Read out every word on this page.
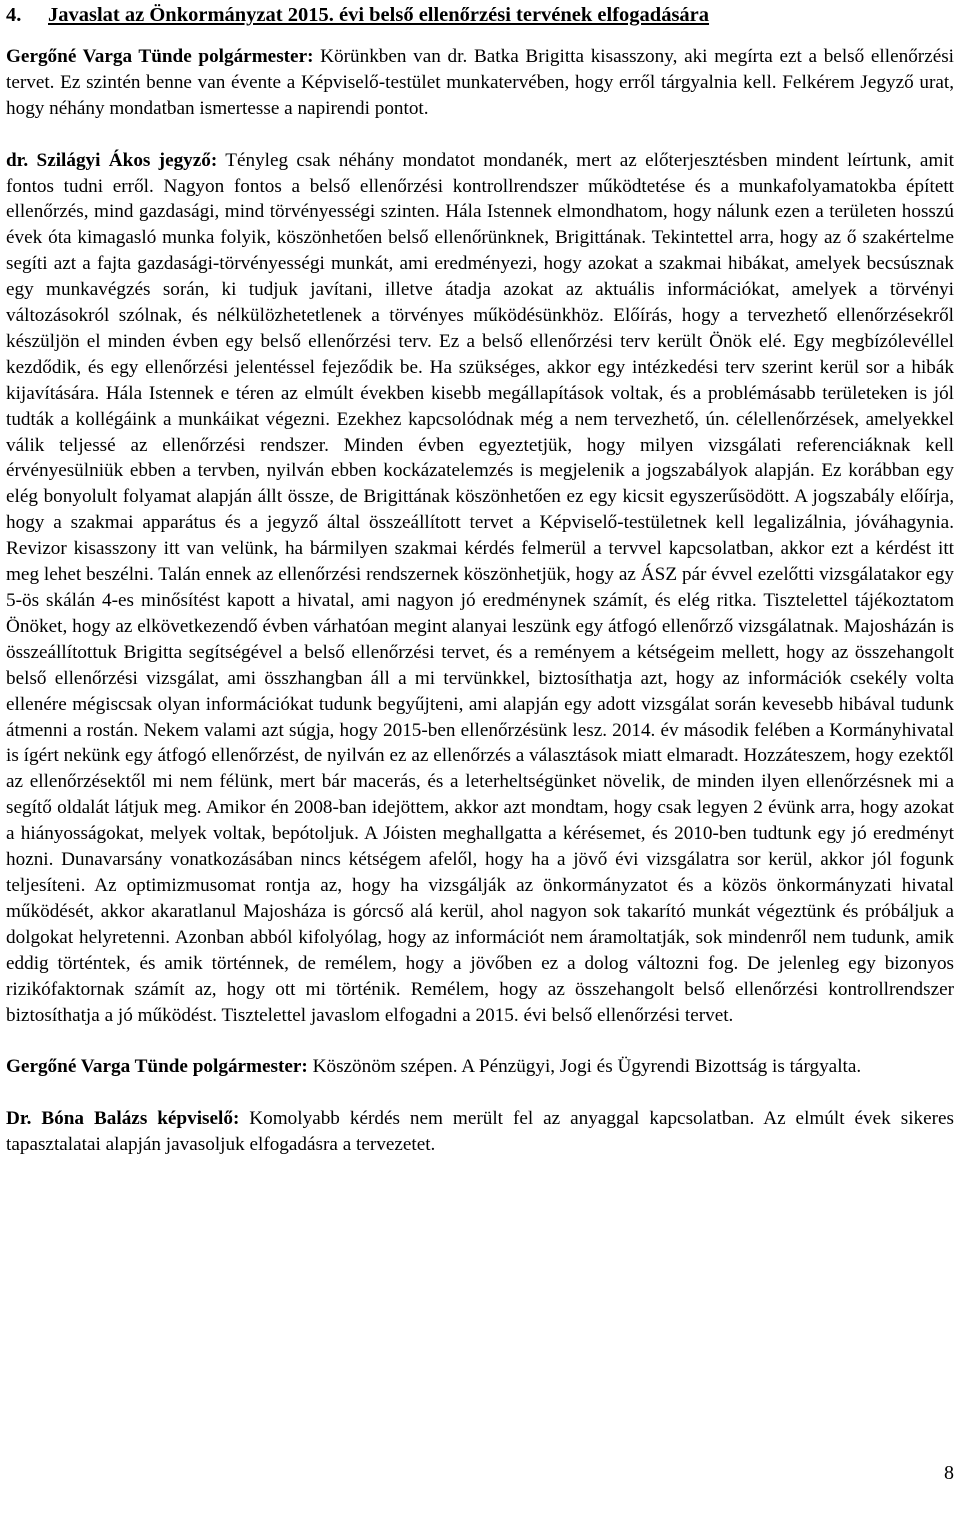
4. Javaslat az Önkormányzat 2015. évi belső ellenőrzési tervének elfogadására

Gergőné Varga Tünde polgármester: Körünkben van dr. Batka Brigitta kisasszony, aki megírta ezt a belső ellenőrzési tervet. Ez szintén benne van évente a Képviselő-testület munkatervében, hogy erről tárgyalnia kell. Felkérem Jegyző urat, hogy néhány mondatban ismertesse a napirendi pontot.

dr. Szilágyi Ákos jegyző: Tényleg csak néhány mondatot mondanék, mert az előterjesztésben mindent leírtunk, amit fontos tudni erről. Nagyon fontos a belső ellenőrzési kontrollrendszer működtetése és a munkafolyamatokba épített ellenőrzés, mind gazdasági, mind törvényességi szinten. Hála Istennek elmondhatom, hogy nálunk ezen a területen hosszú évek óta kimagasló munka folyik, köszönhetően belső ellenőrünknek, Brigittának. Tekintettel arra, hogy az ő szakértelme segíti azt a fajta gazdasági-törvényességi munkát, ami eredményezi, hogy azokat a szakmai hibákat, amelyek becsúsznak egy munkavégzés során, ki tudjuk javítani, illetve átadja azokat az aktuális információkat, amelyek a törvényi változásokról szólnak, és nélkülözhetetlenek a törvényes működésünkhöz. Előírás, hogy a tervezhető ellenőrzésekről készüljön el minden évben egy belső ellenőrzési terv. Ez a belső ellenőrzési terv került Önök elé. Egy megbízólevéllel kezdődik, és egy ellenőrzési jelentéssel fejeződik be. Ha szükséges, akkor egy intézkedési terv szerint kerül sor a hibák kijavítására. Hála Istennek e téren az elmúlt években kisebb megállapítások voltak, és a problémásabb területeken is jól tudták a kollégáink a munkáikat végezni. Ezekhez kapcsolódnak még a nem tervezhető, ún. célellenőrzések, amelyekkel válik teljessé az ellenőrzési rendszer. Minden évben egyeztetjük, hogy milyen vizsgálati referenciáknak kell érvényesülniük ebben a tervben, nyilván ebben kockázatelemzés is megjelenik a jogszabályok alapján. Ez korábban egy elég bonyolult folyamat alapján állt össze, de Brigittának köszönhetően ez egy kicsit egyszerűsödött. A jogszabály előírja, hogy a szakmai apparátus és a jegyző által összeállított tervet a Képviselő-testületnek kell legalizálnia, jóváhagynia. Revizor kisasszony itt van velünk, ha bármilyen szakmai kérdés felmerül a tervvel kapcsolatban, akkor ezt a kérdést itt meg lehet beszélni. Talán ennek az ellenőrzési rendszernek köszönhetjük, hogy az ÁSZ pár évvel ezelőtti vizsgálatakor egy 5-ös skálán 4-es minősítést kapott a hivatal, ami nagyon jó eredménynek számít, és elég ritka. Tisztelettel tájékoztatom Önöket, hogy az elkövetkezendő évben várhatóan megint alanyai leszünk egy átfogó ellenőrző vizsgálatnak. Majosházán is összeállítottuk Brigitta segítségével a belső ellenőrzési tervet, és a reményem a kétségeim mellett, hogy az összehangolt belső ellenőrzési vizsgálat, ami összhangban áll a mi tervünkkel, biztosíthatja azt, hogy az információk csekély volta ellenére mégiscsak olyan információkat tudunk begyűjteni, ami alapján egy adott vizsgálat során kevesebb hibával tudunk átmenni a rostán. Nekem valami azt súgja, hogy 2015-ben ellenőrzésünk lesz. 2014. év második felében a Kormányhivatal is ígért nekünk egy átfogó ellenőrzést, de nyilván ez az ellenőrzés a választások miatt elmaradt. Hozzáteszem, hogy ezektől az ellenőrzésektől mi nem félünk, mert bár macerás, és a leterheltségünket növelik, de minden ilyen ellenőrzésnek mi a segítő oldalát látjuk meg. Amikor én 2008-ban idejöttem, akkor azt mondtam, hogy csak legyen 2 évünk arra, hogy azokat a hiányosságokat, melyek voltak, bepótoljuk. A Jóisten meghallgatta a kérésemet, és 2010-ben tudtunk egy jó eredményt hozni. Dunavarsány vonatkozásában nincs kétségem afelől, hogy ha a jövő évi vizsgálatra sor kerül, akkor jól fogunk teljesíteni. Az optimizmusomat rontja az, hogy ha vizsgálják az önkormányzatot és a közös önkormányzati hivatal működését, akkor akaratlanul Majosháza is górcső alá kerül, ahol nagyon sok takarító munkát végeztünk és próbáljuk a dolgokat helyretenni. Azonban abból kifolyólag, hogy az információt nem áramoltatják, sok mindenről nem tudunk, amik eddig történtek, és amik történnek, de remélem, hogy a jövőben ez a dolog változni fog. De jelenleg egy bizonyos rizikófaktornak számít az, hogy ott mi történik. Remélem, hogy az összehangolt belső ellenőrzési kontrollrendszer biztosíthatja a jó működést. Tisztelettel javaslom elfogadni a 2015. évi belső ellenőrzési tervet.

Gergőné Varga Tünde polgármester: Köszönöm szépen. A Pénzügyi, Jogi és Ügyrendi Bizottság is tárgyalta.

Dr. Bóna Balázs képviselő: Komolyabb kérdés nem merült fel az anyaggal kapcsolatban. Az elmúlt évek sikeres tapasztalatai alapján javasoljuk elfogadásra a tervezetet.

8
